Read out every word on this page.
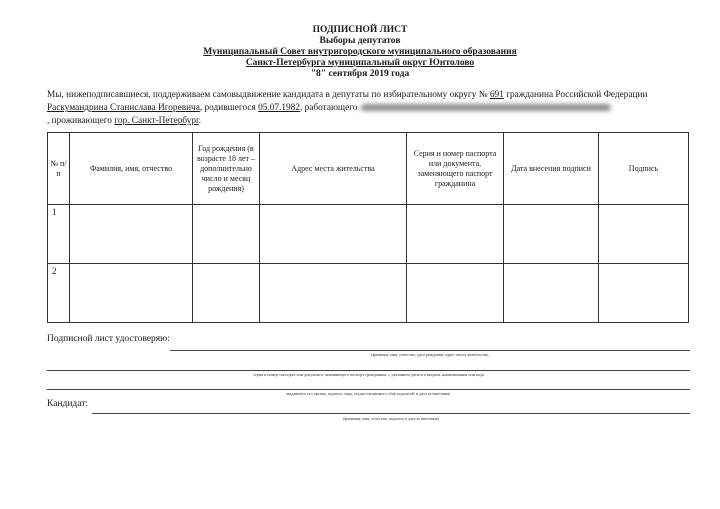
ПОДПИСНОЙ ЛИСТ
Выборы депутатов
Муниципальный Совет внутригородского муниципального образования
Санкт-Петербурга муниципальный округ Юнтолово
"8" сентября 2019 года
Мы, нижеподписавшиеся, поддерживаем самовыдвижение кандидата в депутаты по избирательному округу № 691 гражданина Российской Федерации
Раскумандрина Станислава Игоревича, родившегося 05.07.1982, работающего
, проживающего гор. Санкт-Петербург.
№ п/п	Фамилия, имя, отчество	Год рождения (в возрасте 18 лет – дополнительно число и месяц рождения)	Адрес места жительства	Серия и номер паспорта или документа, заменяющего паспорт гражданина	Дата внесения подписи	Подпись
1						
2						
Подписной лист удостоверяю:
(фамилия, имя, отчество, дата рождения, адрес места жительства,
серия и номер паспорта или документа, заменяющего паспорт гражданина, с указанием даты его выдачи, наименования или кода
выдавшего его органа, подпись лица, осуществляющего сбор подписей, и дата ее внесения)
Кандидат:
(фамилия, имя, отчество, подпись и дата ее внесения)
